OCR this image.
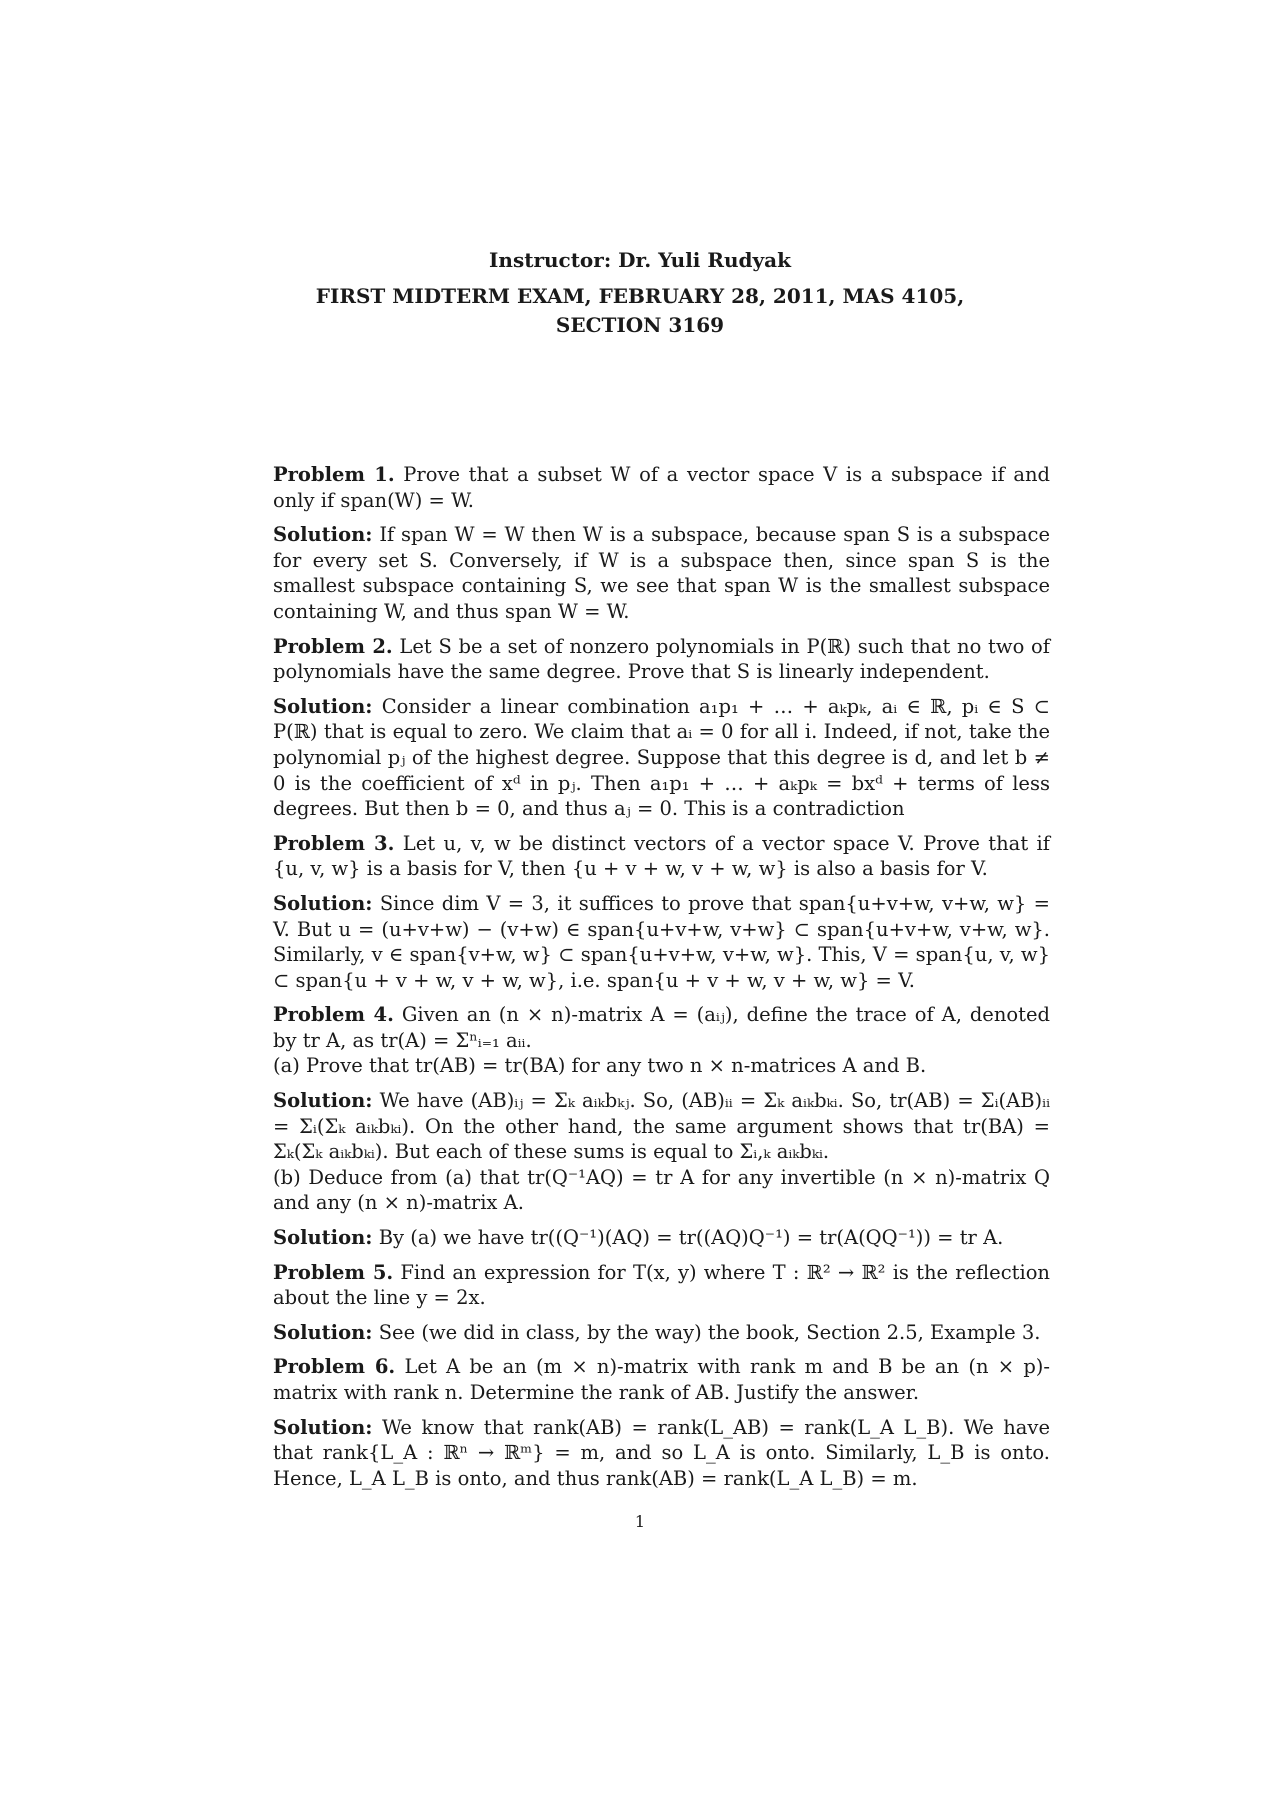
Instructor: Dr. Yuli Rudyak
FIRST MIDTERM EXAM, FEBRUARY 28, 2011, MAS 4105,
SECTION 3169

Problem 1. Prove that a subset W of a vector space V is a subspace if and only if span(W) = W.

Solution: If span W = W then W is a subspace, because span S is a subspace for every set S. Conversely, if W is a subspace then, since span S is the smallest subspace containing S, we see that span W is the smallest subspace containing W, and thus span W = W.

Problem 2. Let S be a set of nonzero polynomials in P(ℝ) such that no two of polynomials have the same degree. Prove that S is linearly independent.

Solution: Consider a linear combination a₁p₁ + … + aₖpₖ, aᵢ ∈ ℝ, pᵢ ∈ S ⊂ P(ℝ) that is equal to zero. We claim that aᵢ = 0 for all i. Indeed, if not, take the polynomial pⱼ of the highest degree. Suppose that this degree is d, and let b ≠ 0 is the coefficient of xᵈ in pⱼ. Then a₁p₁ + … + aₖpₖ = bxᵈ + terms of less degrees. But then b = 0, and thus aⱼ = 0. This is a contradiction

Problem 3. Let u, v, w be distinct vectors of a vector space V. Prove that if {u, v, w} is a basis for V, then {u + v + w, v + w, w} is also a basis for V.

Solution: Since dim V = 3, it suffices to prove that span{u+v+w, v+w, w} = V. But u = (u+v+w) − (v+w) ∈ span{u+v+w, v+w} ⊂ span{u+v+w, v+w, w}. Similarly, v ∈ span{v+w, w} ⊂ span{u+v+w, v+w, w}. This, V = span{u, v, w} ⊂ span{u + v + w, v + w, w}, i.e. span{u + v + w, v + w, w} = V.

Problem 4. Given an (n × n)-matrix A = (aᵢⱼ), define the trace of A, denoted by tr A, as tr(A) = Σⁿᵢ₌₁ aᵢᵢ.

(a) Prove that tr(AB) = tr(BA) for any two n × n-matrices A and B.

Solution: We have (AB)ᵢⱼ = Σₖ aᵢₖbₖⱼ. So, (AB)ᵢᵢ = Σₖ aᵢₖbₖᵢ. So, tr(AB) = Σᵢ(AB)ᵢᵢ = Σᵢ(Σₖ aᵢₖbₖᵢ). On the other hand, the same argument shows that tr(BA) = Σₖ(Σₖ aᵢₖbₖᵢ). But each of these sums is equal to Σᵢ,ₖ aᵢₖbₖᵢ.

(b) Deduce from (a) that tr(Q⁻¹AQ) = tr A for any invertible (n × n)-matrix Q and any (n × n)-matrix A.

Solution: By (a) we have tr((Q⁻¹)(AQ) = tr((AQ)Q⁻¹) = tr(A(QQ⁻¹)) = tr A.

Problem 5. Find an expression for T(x, y) where T : ℝ² → ℝ² is the reflection about the line y = 2x.

Solution: See (we did in class, by the way) the book, Section 2.5, Example 3.

Problem 6. Let A be an (m × n)-matrix with rank m and B be an (n × p)-matrix with rank n. Determine the rank of AB. Justify the answer.

Solution: We know that rank(AB) = rank(L_AB) = rank(L_A L_B). We have that rank{L_A : ℝⁿ → ℝᵐ} = m, and so L_A is onto. Similarly, L_B is onto. Hence, L_A L_B is onto, and thus rank(AB) = rank(L_A L_B) = m.

1
